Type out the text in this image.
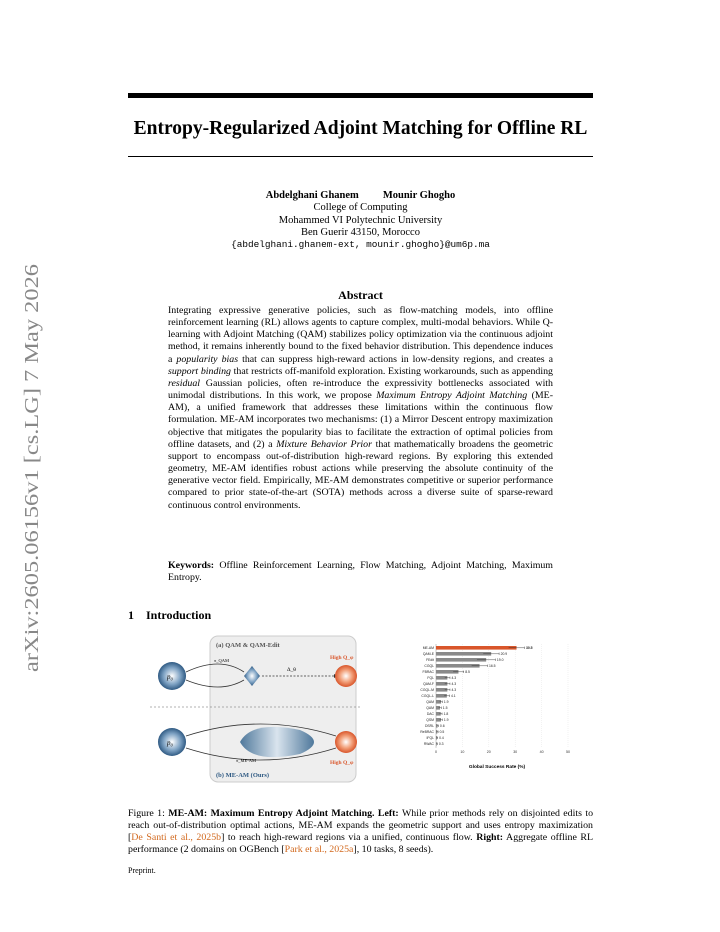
arXiv:2605.06156v1 [cs.LG] 7 May 2026
Entropy-Regularized Adjoint Matching for Offline RL
Abdelghani Ghanem Mounir Ghogho
College of Computing
Mohammed VI Polytechnic University
Ben Guerir 43150, Morocco
{abdelghani.ghanem-ext, mounir.ghogho}@um6p.ma
Abstract

Integrating expressive generative policies, such as flow-matching models, into offline reinforcement learning (RL) allows agents to capture complex, multi-modal behaviors. While Q-learning with Adjoint Matching (QAM) stabilizes policy optimization via the continuous adjoint method, it remains inherently bound to the fixed behavior distribution. This dependence induces a popularity bias that can suppress high-reward actions in low-density regions, and creates a support binding that restricts off-manifold exploration. Existing workarounds, such as appending residual Gaussian policies, often re-introduce the expressivity bottlenecks associated with unimodal distributions. In this work, we propose Maximum Entropy Adjoint Matching (ME-AM), a unified framework that addresses these limitations within the continuous flow formulation. ME-AM incorporates two mechanisms: (1) a Mirror Descent entropy maximization objective that mitigates the popularity bias to facilitate the extraction of optimal policies from offline datasets, and (2) a Mixture Behavior Prior that mathematically broadens the geometric support to encompass out-of-distribution high-reward regions. By exploring this extended geometry, ME-AM identifies robust actions while preserving the absolute continuity of the generative vector field. Empirically, ME-AM demonstrates competitive or superior performance compared to prior state-of-the-art (SOTA) methods across a diverse suite of sparse-reward continuous control environments.

Keywords: Offline Reinforcement Learning, Flow Matching, Adjoint Matching, Maximum Entropy.
1 Introduction
(a) QAM & QAM-Edit
(b) ME-AM (Ours)
p₀
π_QAM
Δ_θ
High Q_φ
p₀
π_ME-AM	High Q_φ
ME-AM	30.5
QAM-E	20.9
FEdit	19.0
CGQL	16.5
FBRAC	8.5
FQL	4.3
QAM-F	4.3
CGQL-M	4.3
CGQL-L	4.1
QAM	1.9
QAM	1.5
DAC	1.8
QSM	1.9
DSRL 0.6
ReBRAC 0.5
IFQL 0.4
RWAC 0.3
0	10	20	30	40	50
Global Success Rate (%)
Figure 1: ME-AM: Maximum Entropy Adjoint Matching. Left: While prior methods rely on disjointed edits to reach out-of-distribution optimal actions, ME-AM expands the geometric support and uses entropy maximization [De Santi et al., 2025b] to reach high-reward regions via a unified, continuous flow. Right: Aggregate offline RL performance (2 domains on OGBench [Park et al., 2025a], 10 tasks, 8 seeds).
Preprint.
